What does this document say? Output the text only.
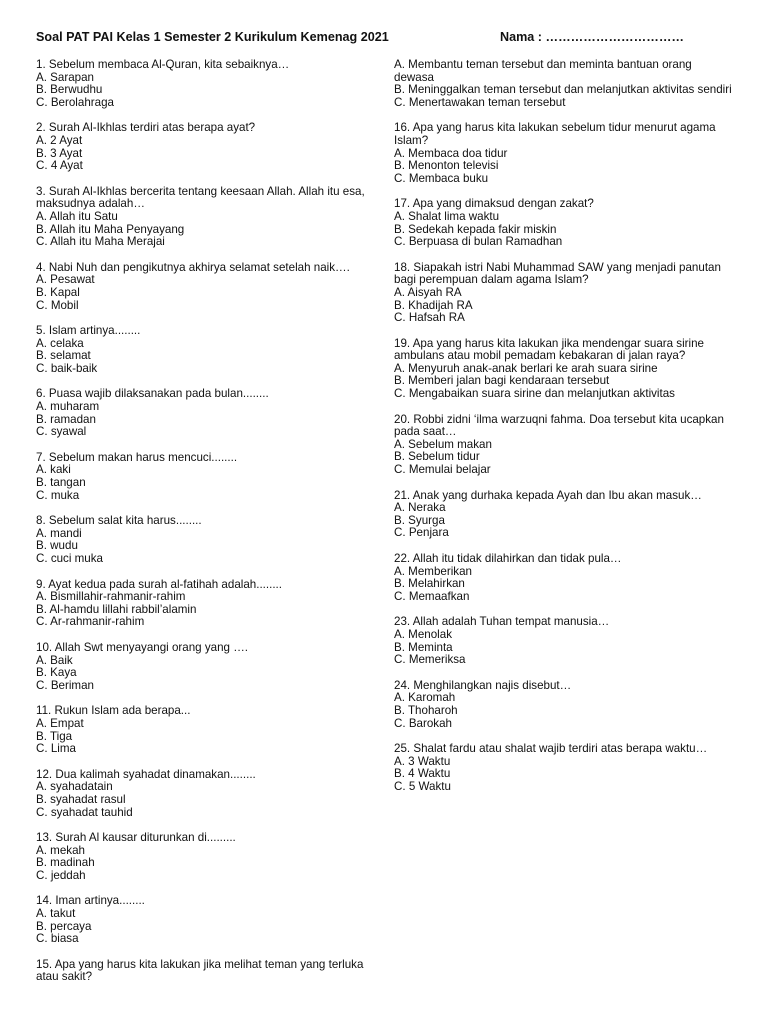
Soal PAT PAI Kelas 1 Semester 2 Kurikulum Kemenag 2021	Nama : ……………………………
1. Sebelum membaca Al-Quran, kita sebaiknya…
A. Sarapan
B. Berwudhu
C. Berolahraga
2. Surah Al-Ikhlas terdiri atas berapa ayat?
A. 2 Ayat
B. 3 Ayat
C. 4 Ayat
3. Surah Al-Ikhlas bercerita tentang keesaan Allah. Allah itu esa, maksudnya adalah…
A. Allah itu Satu
B. Allah itu Maha Penyayang
C. Allah itu Maha Merajai
4. Nabi Nuh dan pengikutnya akhirya selamat setelah naik….
A. Pesawat
B. Kapal
C. Mobil
5. Islam artinya........
A. celaka
B. selamat
C. baik-baik
6. Puasa wajib dilaksanakan pada bulan........
A. muharam
B. ramadan
C. syawal
7. Sebelum makan harus mencuci........
A. kaki
B. tangan
C. muka
8. Sebelum salat kita harus........
A. mandi
B. wudu
C. cuci muka
9. Ayat kedua pada surah al-fatihah adalah........
A. Bismillahir-rahmanir-rahim
B. Al-hamdu lillahi rabbil’alamin
C. Ar-rahmanir-rahim
10. Allah Swt menyayangi orang yang ….
A. Baik
B. Kaya
C. Beriman
11. Rukun Islam ada berapa...
A. Empat
B. Tiga
C. Lima
12. Dua kalimah syahadat dinamakan........
A. syahadatain
B. syahadat rasul
C. syahadat tauhid
13. Surah Al kausar diturunkan di.........
A. mekah
B. madinah
C. jeddah
14. Iman artinya........
A. takut
B. percaya
C. biasa
15. Apa yang harus kita lakukan jika melihat teman yang terluka atau sakit?
A. Membantu teman tersebut dan meminta bantuan orang dewasa
B. Meninggalkan teman tersebut dan melanjutkan aktivitas sendiri
C. Menertawakan teman tersebut
16. Apa yang harus kita lakukan sebelum tidur menurut agama Islam?
A. Membaca doa tidur
B. Menonton televisi
C. Membaca buku
17. Apa yang dimaksud dengan zakat?
A. Shalat lima waktu
B. Sedekah kepada fakir miskin
C. Berpuasa di bulan Ramadhan
18. Siapakah istri Nabi Muhammad SAW yang menjadi panutan bagi perempuan dalam agama Islam?
A. Aisyah RA
B. Khadijah RA
C. Hafsah RA
19. Apa yang harus kita lakukan jika mendengar suara sirine ambulans atau mobil pemadam kebakaran di jalan raya?
A. Menyuruh anak-anak berlari ke arah suara sirine
B. Memberi jalan bagi kendaraan tersebut
C. Mengabaikan suara sirine dan melanjutkan aktivitas
20. Robbi zidni ‘ilma warzuqni fahma. Doa tersebut kita ucapkan pada saat…
A. Sebelum makan
B. Sebelum tidur
C. Memulai belajar
21. Anak yang durhaka kepada Ayah dan Ibu akan masuk…
A. Neraka
B. Syurga
C. Penjara
22. Allah itu tidak dilahirkan dan tidak pula…
A. Memberikan
B. Melahirkan
C. Memaafkan
23. Allah adalah Tuhan tempat manusia…
A. Menolak
B. Meminta
C. Memeriksa
24. Menghilangkan najis disebut…
A. Karomah
B. Thoharoh
C. Barokah
25. Shalat fardu atau shalat wajib terdiri atas berapa waktu…
A. 3 Waktu
B. 4 Waktu
C. 5 Waktu
